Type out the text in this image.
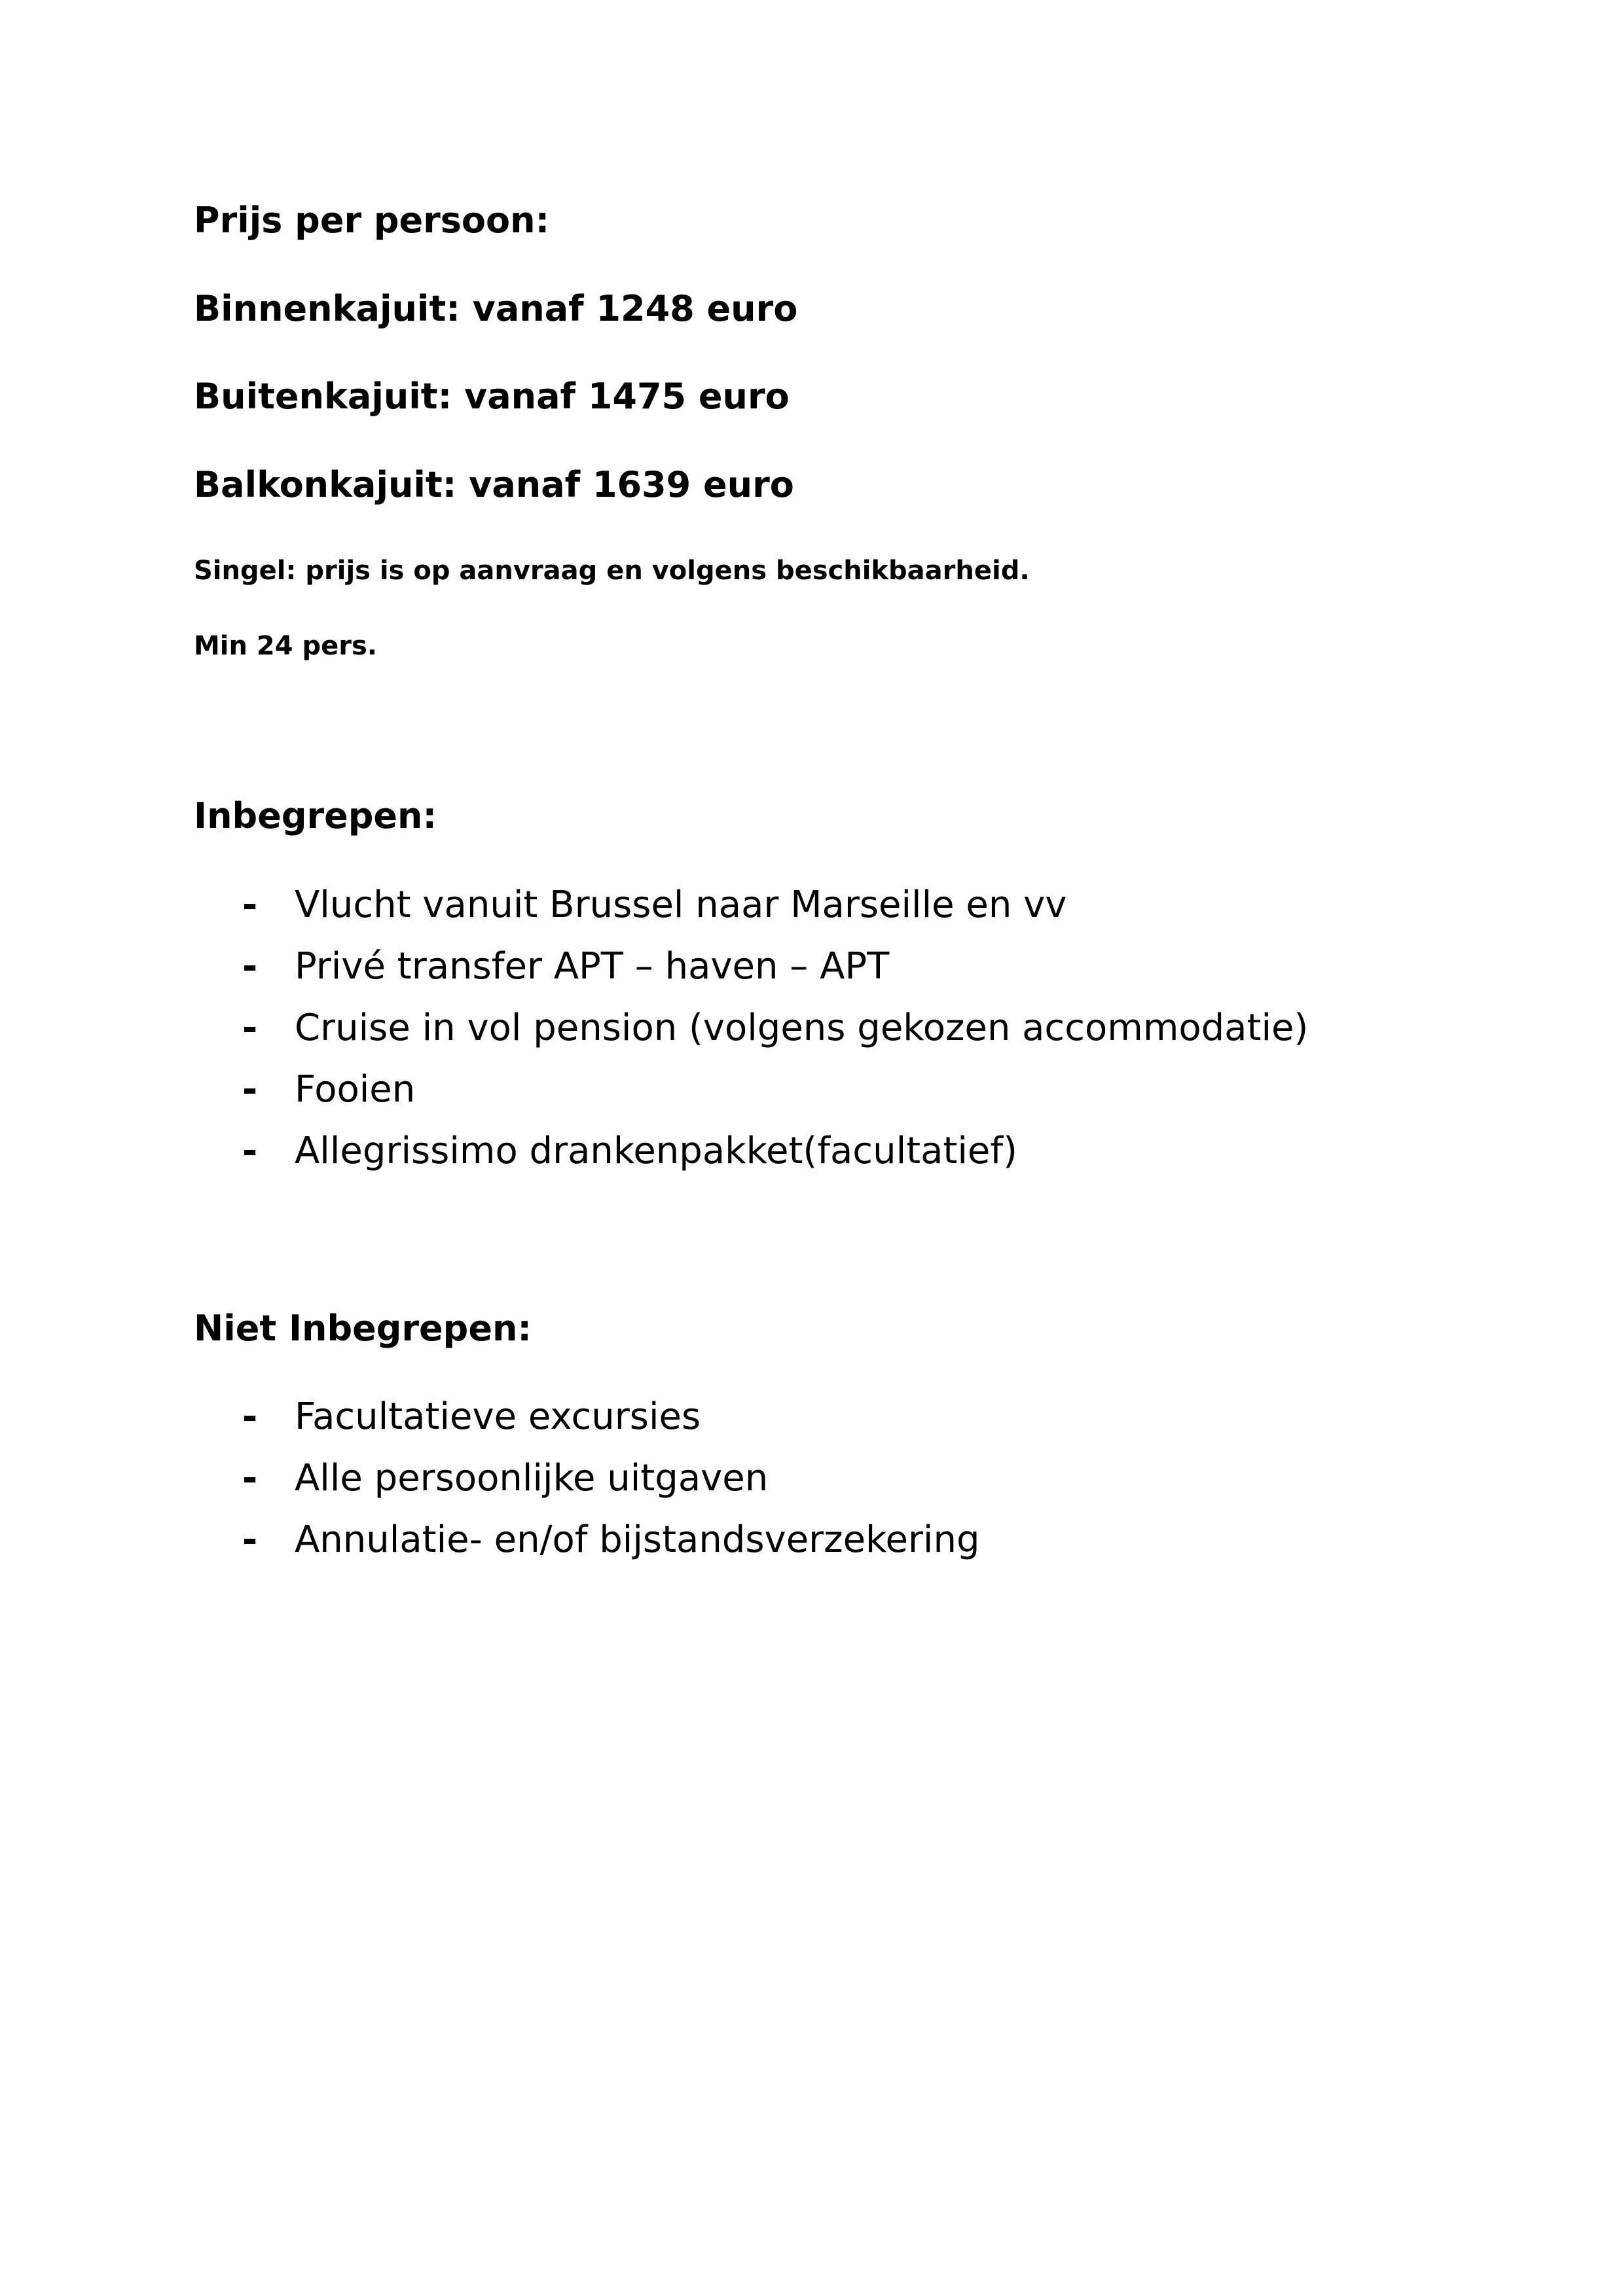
Prijs per persoon:
Binnenkajuit: vanaf 1248 euro
Buitenkajuit: vanaf 1475 euro
Balkonkajuit: vanaf 1639 euro
Singel: prijs is op aanvraag en volgens beschikbaarheid.
Min 24 pers.
Inbegrepen:
- Vlucht vanuit Brussel naar Marseille en vv
- Privé transfer APT – haven – APT
- Cruise in vol pension (volgens gekozen accommodatie)
- Fooien
- Allegrissimo drankenpakket(facultatief)
Niet Inbegrepen:
- Facultatieve excursies
- Alle persoonlijke uitgaven
- Annulatie- en/of bijstandsverzekering
